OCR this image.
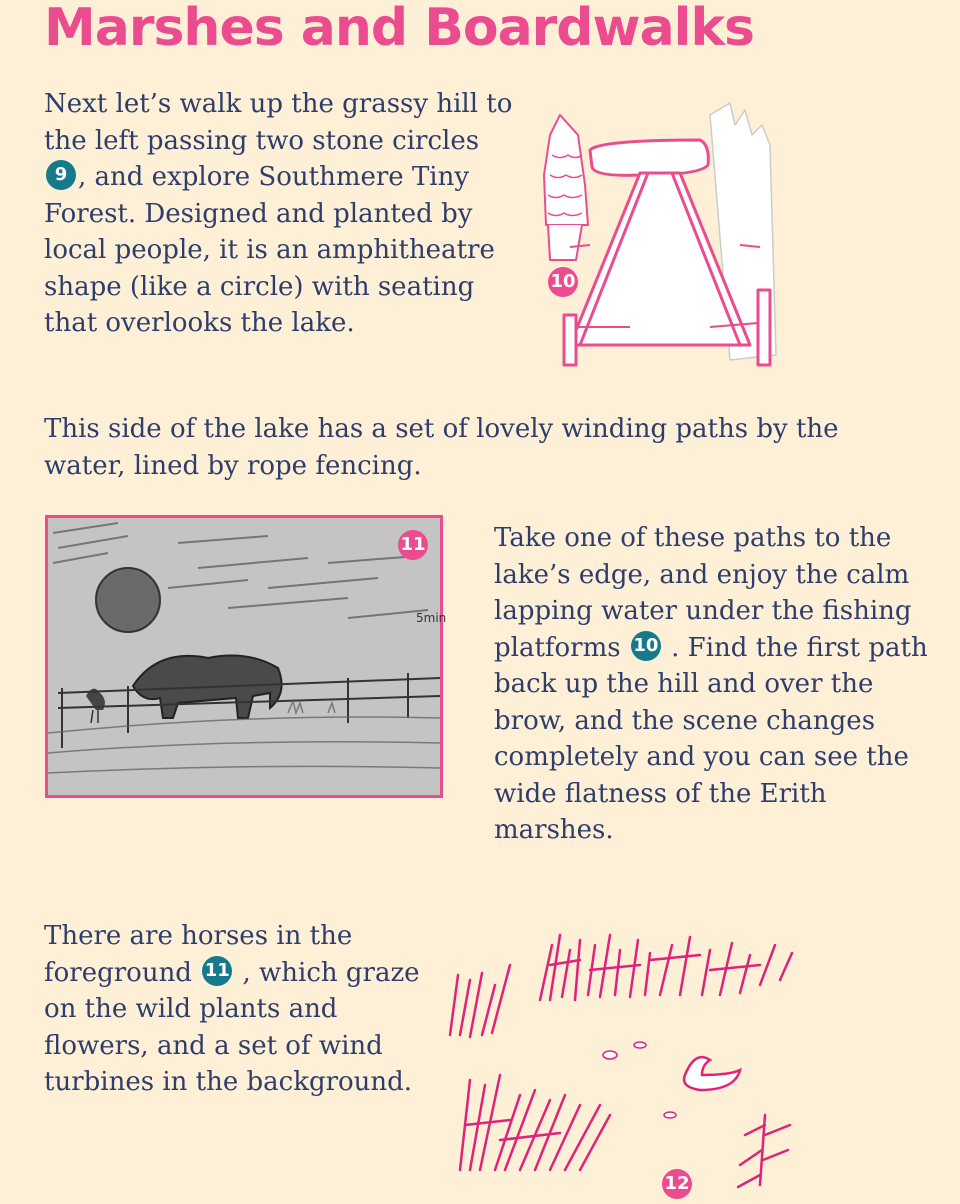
Marshes and Boardwalks

Next let’s walk up the grassy hill to the left passing two stone circles 9 , and explore Southmere Tiny Forest. Designed and planted by local people, it is an amphitheatre shape (like a circle) with seating that overlooks the lake.

10

This side of the lake has a set of lovely winding paths by the water, lined by rope fencing.

5min
11	Take one of these paths to the lake’s edge, and enjoy the calm lapping water under the fishing platforms 10 . Find the first path back up the hill and over the brow, and the scene changes completely and you can see the wide flatness of the Erith marshes.

There are horses in the foreground 11 , which graze on the wild plants and flowers, and a set of wind turbines in the background.

12
